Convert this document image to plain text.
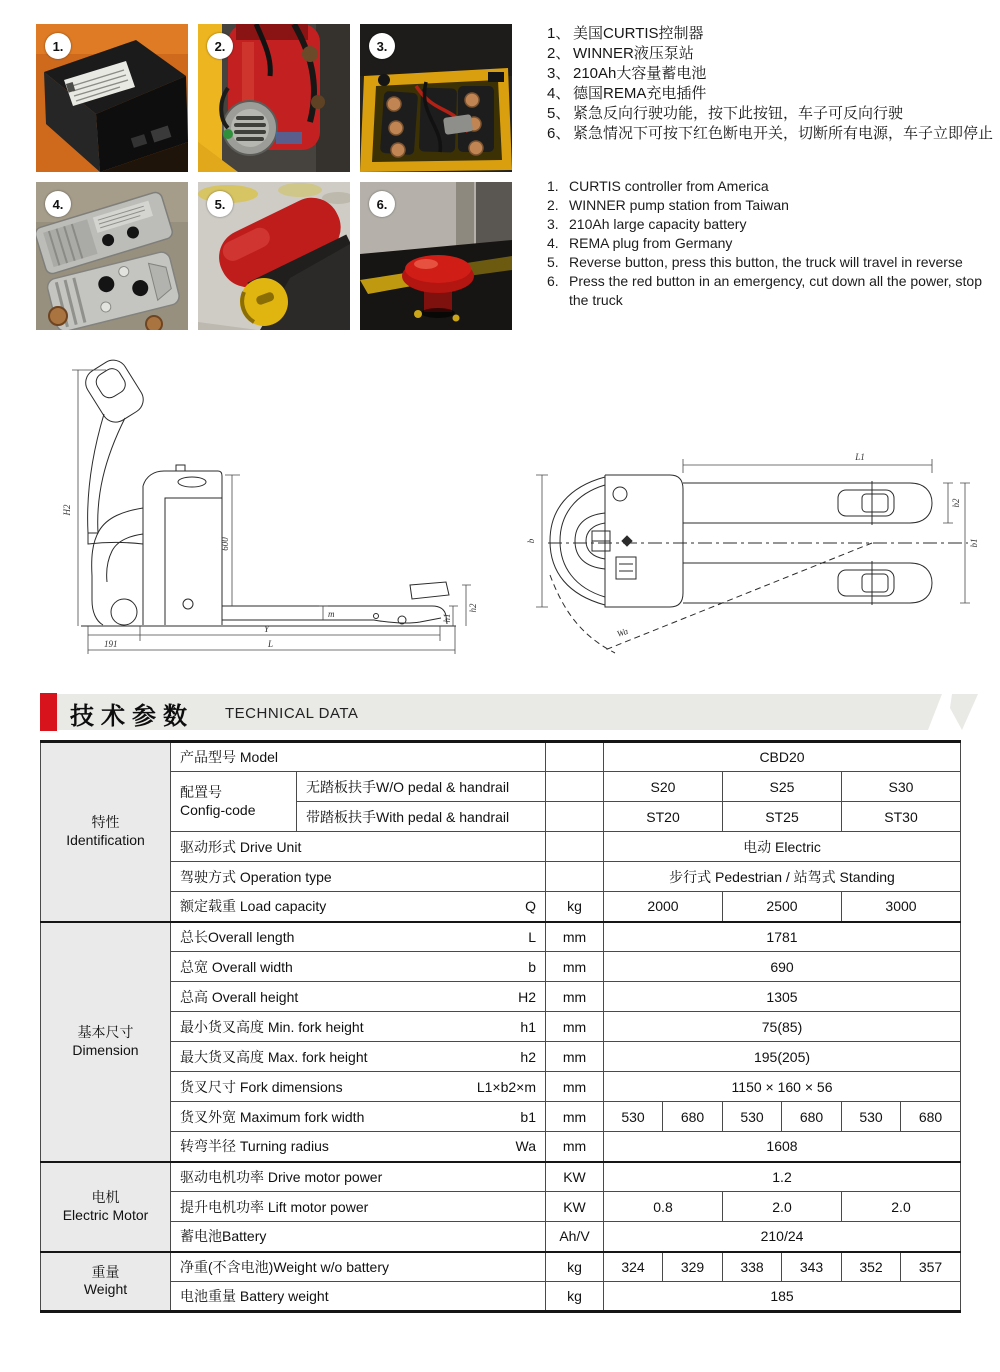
1.	2.	3.
4.	5.	6.
1、 美国CURTIS控制器
2、 WINNER液压泵站
3、 210Ah大容量蓄电池
4、 德国REMA充电插件
5、 紧急反向行驶功能，按下此按钮，车子可反向行驶
6、 紧急情况下可按下红色断电开关，切断所有电源，车子立即停止
1. CURTIS controller from America
2. WINNER pump station from Taiwan
3. 210Ah large capacity battery
4. REMA plug from Germany
5. Reverse button, press this button, the truck will travel in reverse
6. Press the red button in an emergency, cut down all the power, stop the truck
H2
600
m	h1
h2
191
Y
L
L1
b
b2
b1
Wa
技术参数 TECHNICAL DATA
特性
Identification	产品型号 Model			CBD20					

	配置号
Config-code	无踏板扶手W/O pedal & handrail		S20		S25		S30	
		带踏板扶手With pedal & handrail		ST20		ST25		ST30	
	驱动形式 Drive Unit			电动 Electric					
	驾驶方式 Operation type			步行式 Pedestrian / 站驾式 Standing					

	额定载重 Load capacity Q		kg	2000		2500		3000	

基本尺寸
Dimension

总长Overall length	L	mm	1781

	总宽 Overall width b		mm	690					

	总高 Overall height H2		mm	1305					

	最小货叉高度 Min. fork height h1		mm	75(85)					

	最大货叉高度 Max. fork height h2		mm	195(205)					

	货叉尺寸 Fork dimensions L1×b2×m		mm	1150 × 160 × 56					

	货叉外宽 Maximum fork width b1		mm	530	680	530	680	530	680

	转弯半径 Turning radius Wa		mm	1608					

电机
Electric Motor	驱动电机功率 Drive motor power		KW	1.2					
	提升电机功率 Lift motor power		KW	0.8		2.0		2.0	
	蓄电池Battery		Ah/V	210/24					

重量
Weight	净重(不含电池)Weight w/o battery		kg	324	329	338	343	352	357
	电池重量 Battery weight		kg	185					
